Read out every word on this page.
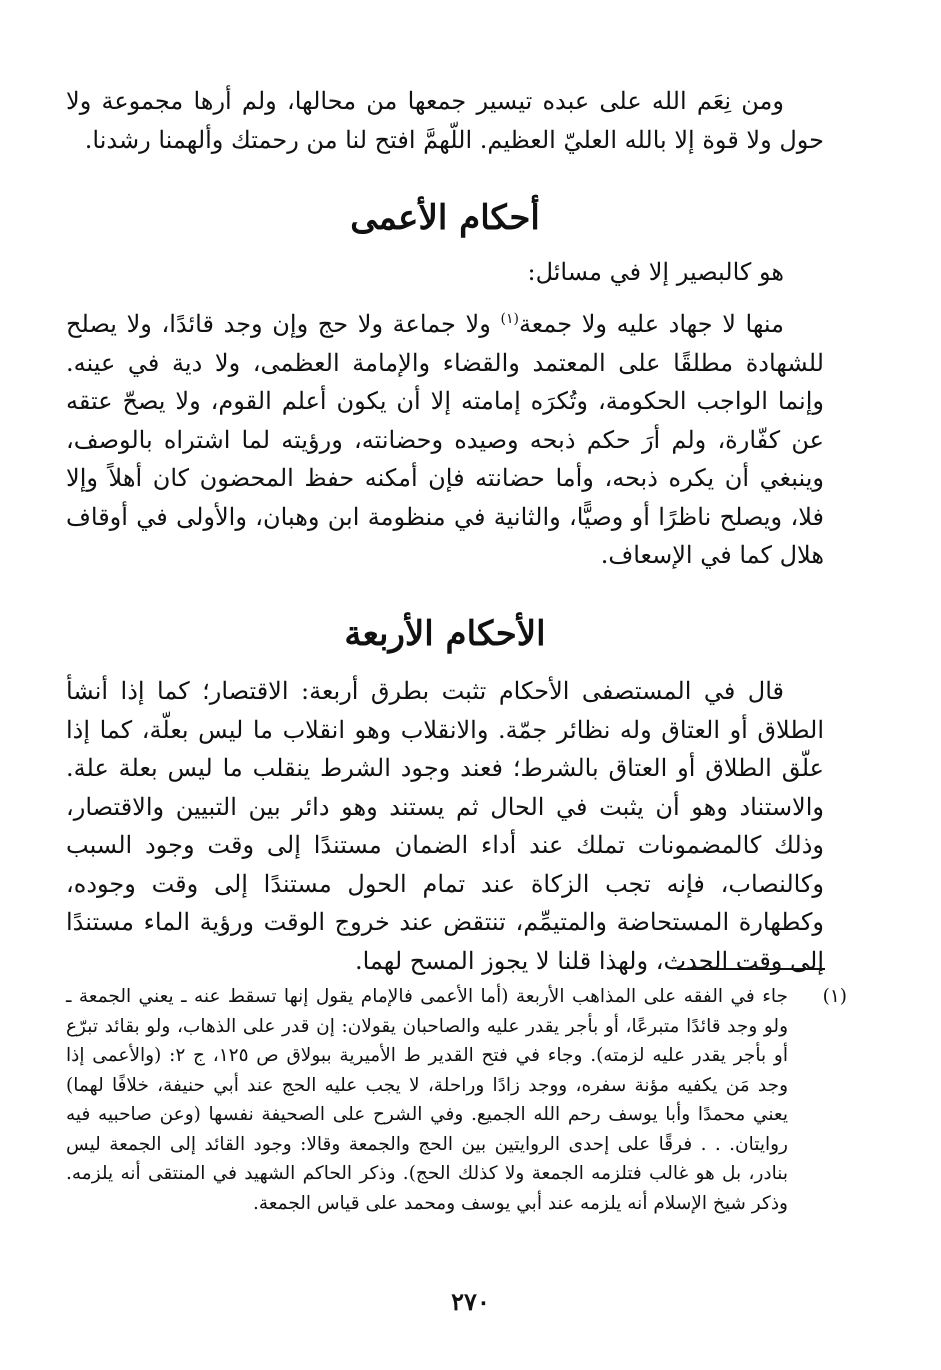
ومن نِعَم الله على عبده تيسير جمعها من محالها، ولم أرها مجموعة ولا حول ولا قوة إلا بالله العليّ العظيم. اللّهمَّ افتح لنا من رحمتك وألهمنا رشدنا.

أحكام الأعمى

هو كالبصير إلا في مسائل:

منها لا جهاد عليه ولا جمعة$^{(١)}$ ولا جماعة ولا حج وإن وجد قائدًا، ولا يصلح للشهادة مطلقًا على المعتمد والقضاء والإمامة العظمى، ولا دية في عينه. وإنما الواجب الحكومة، وتُكرَه إمامته إلا أن يكون أعلم القوم، ولا يصحّ عتقه عن كفّارة، ولم أرَ حكم ذبحه وصيده وحضانته، ورؤيته لما اشتراه بالوصف، وينبغي أن يكره ذبحه، وأما حضانته فإن أمكنه حفظ المحضون كان أهلاً وإلا فلا، ويصلح ناظرًا أو وصيًّا، والثانية في منظومة ابن وهبان، والأولى في أوقاف هلال كما في الإسعاف.

الأحكام الأربعة

قال في المستصفى الأحكام تثبت بطرق أربعة: الاقتصار؛ كما إذا أنشأ الطلاق أو العتاق وله نظائر جمّة. والانقلاب وهو انقلاب ما ليس بعلّة، كما إذا علّق الطلاق أو العتاق بالشرط؛ فعند وجود الشرط ينقلب ما ليس بعلة علة. والاستناد وهو أن يثبت في الحال ثم يستند وهو دائر بين التبيين والاقتصار، وذلك كالمضمونات تملك عند أداء الضمان مستندًا إلى وقت وجود السبب وكالنصاب، فإنه تجب الزكاة عند تمام الحول مستندًا إلى وقت وجوده، وكطهارة المستحاضة والمتيمِّم، تنتقض عند خروج الوقت ورؤية الماء مستندًا إلى وقت الحدث، ولهذا قلنا لا يجوز المسح لهما.

(١)

جاء في الفقه على المذاهب الأربعة (أما الأعمى فالإمام يقول إنها تسقط عنه ـ يعني الجمعة ـ ولو وجد قائدًا متبرعًا، أو بأجر يقدر عليه والصاحبان يقولان: إن قدر على الذهاب، ولو بقائد تبرّع أو بأجر يقدر عليه لزمته). وجاء في فتح القدير ط الأميرية ببولاق ص ١٢٥، ج ٢: (والأعمى إذا وجد مَن يكفيه مؤنة سفره، ووجد زادًا وراحلة، لا يجب عليه الحج عند أبي حنيفة، خلافًا لهما) يعني محمدًا وأبا يوسف رحم الله الجميع. وفي الشرح على الصحيفة نفسها (وعن صاحبيه فيه روايتان. . . فرقًا على إحدى الروايتين بين الحج والجمعة وقالا: وجود القائد إلى الجمعة ليس بنادر، بل هو غالب فتلزمه الجمعة ولا كذلك الحج). وذكر الحاكم الشهيد في المنتقى أنه يلزمه. وذكر شيخ الإسلام أنه يلزمه عند أبي يوسف ومحمد على قياس الجمعة.

٢٧٠
